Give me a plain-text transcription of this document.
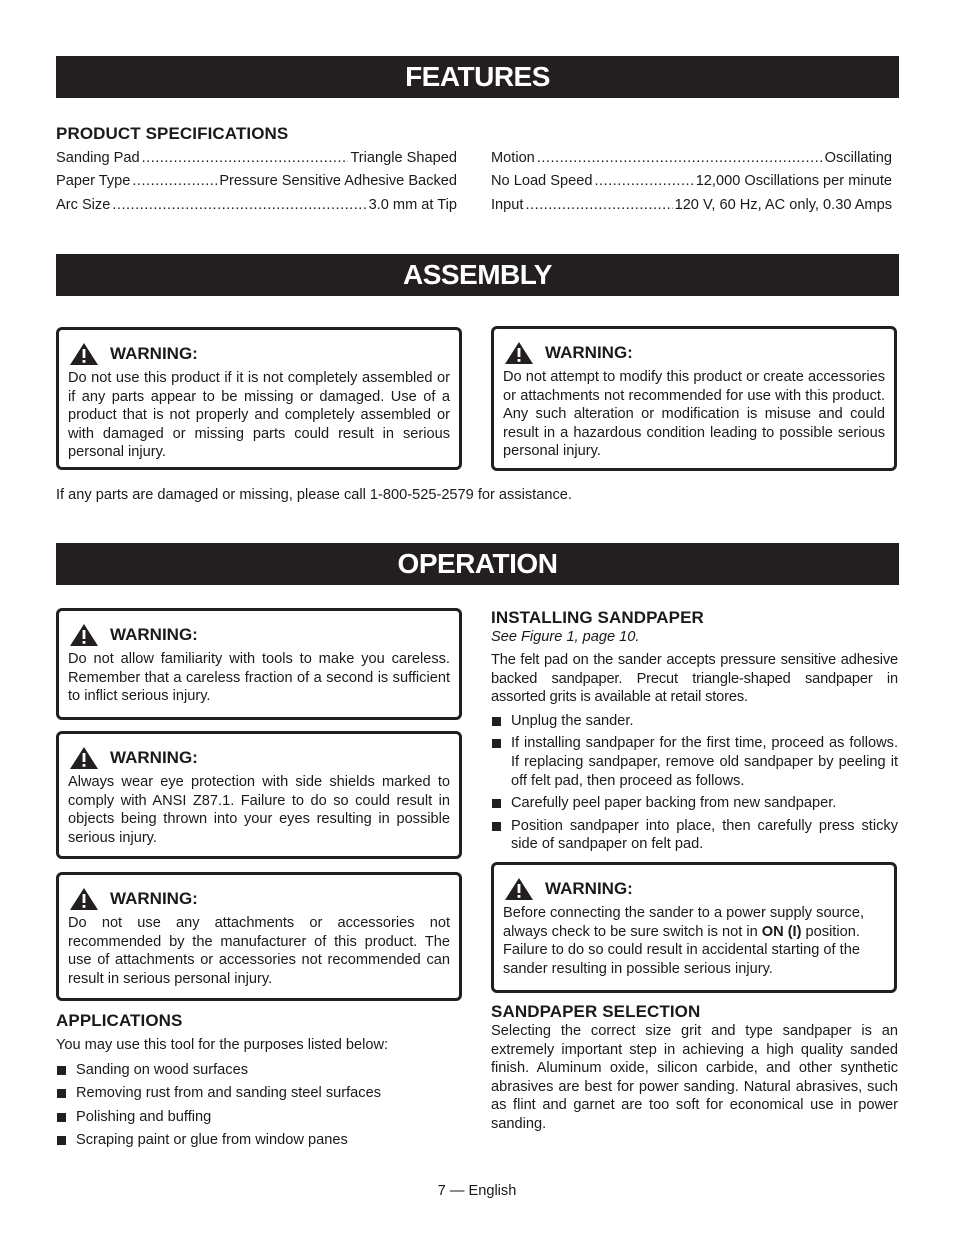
FEATURES
PRODUCT SPECIFICATIONS
Sanding Pad .....	Triangle Shaped
Paper Type .....	Pressure Sensitive Adhesive Backed
Arc Size .....	3.0 mm at Tip
Motion .....	Oscillating
No Load Speed .....	12,000 Oscillations per minute
Input .....	120 V, 60 Hz, AC only, 0.30 Amps
ASSEMBLY
WARNING:
Do not use this product if it is not completely assembled or if any parts appear to be missing or damaged. Use of a product that is not properly and completely assembled or with damaged or missing parts could result in serious personal injury.
WARNING:
Do not attempt to modify this product or create accessories or attachments not recommended for use with this product. Any such alteration or modification is misuse and could result in a hazardous condition leading to possible serious personal injury.
If any parts are damaged or missing, please call 1-800-525-2579 for assistance.
OPERATION
WARNING:
Do not allow familiarity with tools to make you careless. Remember that a careless fraction of a second is sufficient to inflict serious injury.
WARNING:
Always wear eye protection with side shields marked to comply with ANSI Z87.1. Failure to do so could result in objects being thrown into your eyes resulting in possible serious injury.
WARNING:
Do not use any attachments or accessories not recommended by the manufacturer of this product. The use of attachments or accessories not recommended can result in serious personal injury.
APPLICATIONS
You may use this tool for the purposes listed below:
Sanding on wood surfaces
Removing rust from and sanding steel surfaces
Polishing and buffing
Scraping paint or glue from window panes
INSTALLING SANDPAPER
See Figure 1, page 10.
The felt pad on the sander accepts pressure sensitive adhesive backed sandpaper. Precut triangle-shaped sandpaper in assorted grits is available at retail stores.
Unplug the sander.
If installing sandpaper for the first time, proceed as follows. If replacing sandpaper, remove old sandpaper by peeling it off felt pad, then proceed as follows.
Carefully peel paper backing from new sandpaper.
Position sandpaper into place, then carefully press sticky side of sandpaper on felt pad.
WARNING:
Before connecting the sander to a power supply source, always check to be sure switch is not in ON (I) position. Failure to do so could result in accidental starting of the sander resulting in possible serious injury.
SANDPAPER SELECTION
Selecting the correct size grit and type sandpaper is an extremely important step in achieving a high quality sanded finish. Aluminum oxide, silicon carbide, and other synthetic abrasives are best for power sanding. Natural abrasives, such as flint and garnet are too soft for economical use in power sanding.
7 — English
